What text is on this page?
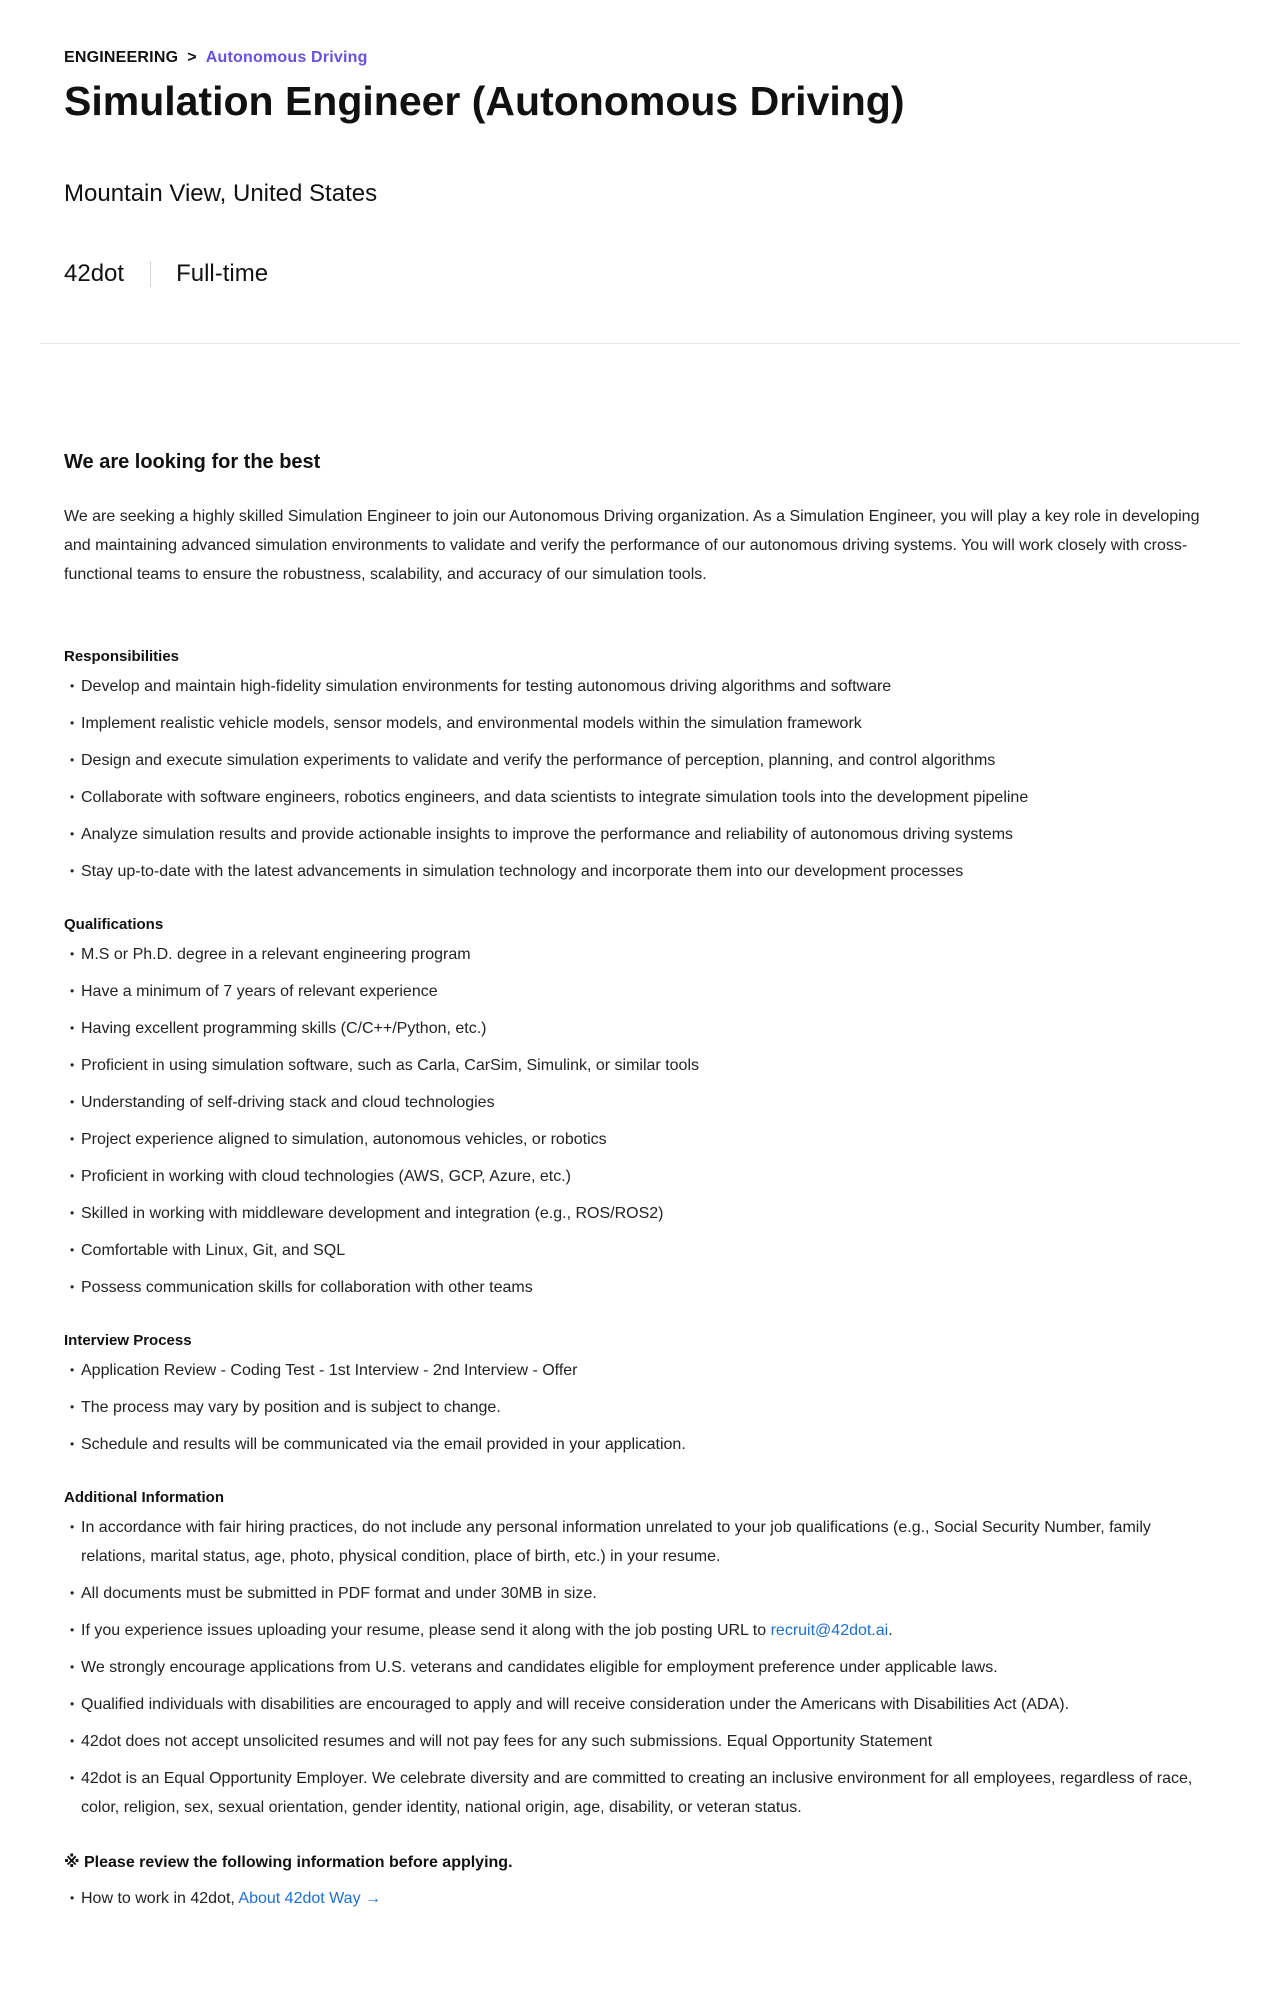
ENGINEERING > Autonomous Driving
Simulation Engineer (Autonomous Driving)
Mountain View, United States
42dot Full-time
We are looking for the best

We are seeking a highly skilled Simulation Engineer to join our Autonomous Driving organization. As a Simulation Engineer, you will play a key role in developing and maintaining advanced simulation environments to validate and verify the performance of our autonomous driving systems. You will work closely with cross-functional teams to ensure the robustness, scalability, and accuracy of our simulation tools.

Responsibilities
• Develop and maintain high-fidelity simulation environments for testing autonomous driving algorithms and software
• Implement realistic vehicle models, sensor models, and environmental models within the simulation framework
• Design and execute simulation experiments to validate and verify the performance of perception, planning, and control algorithms
• Collaborate with software engineers, robotics engineers, and data scientists to integrate simulation tools into the development pipeline
• Analyze simulation results and provide actionable insights to improve the performance and reliability of autonomous driving systems
• Stay up-to-date with the latest advancements in simulation technology and incorporate them into our development processes
Qualifications
• M.S or Ph.D. degree in a relevant engineering program
• Have a minimum of 7 years of relevant experience
• Having excellent programming skills (C/C++/Python, etc.)
• Proficient in using simulation software, such as Carla, CarSim, Simulink, or similar tools
• Understanding of self-driving stack and cloud technologies
• Project experience aligned to simulation, autonomous vehicles, or robotics
• Proficient in working with cloud technologies (AWS, GCP, Azure, etc.)
• Skilled in working with middleware development and integration (e.g., ROS/ROS2)
• Comfortable with Linux, Git, and SQL
• Possess communication skills for collaboration with other teams
Interview Process
• Application Review - Coding Test - 1st Interview - 2nd Interview - Offer
• The process may vary by position and is subject to change.
• Schedule and results will be communicated via the email provided in your application.
Additional Information
• In accordance with fair hiring practices, do not include any personal information unrelated to your job qualifications (e.g., Social Security Number, family relations, marital status, age, photo, physical condition, place of birth, etc.) in your resume.
• All documents must be submitted in PDF format and under 30MB in size.
• If you experience issues uploading your resume, please send it along with the job posting URL to recruit@42dot.ai.
• We strongly encourage applications from U.S. veterans and candidates eligible for employment preference under applicable laws.
• Qualified individuals with disabilities are encouraged to apply and will receive consideration under the Americans with Disabilities Act (ADA).
• 42dot does not accept unsolicited resumes and will not pay fees for any such submissions. Equal Opportunity Statement
• 42dot is an Equal Opportunity Employer. We celebrate diversity and are committed to creating an inclusive environment for all employees, regardless of race, color, religion, sex, sexual orientation, gender identity, national origin, age, disability, or veteran status.

※ Please review the following information before applying.

• How to work in 42dot, About 42dot Way →
